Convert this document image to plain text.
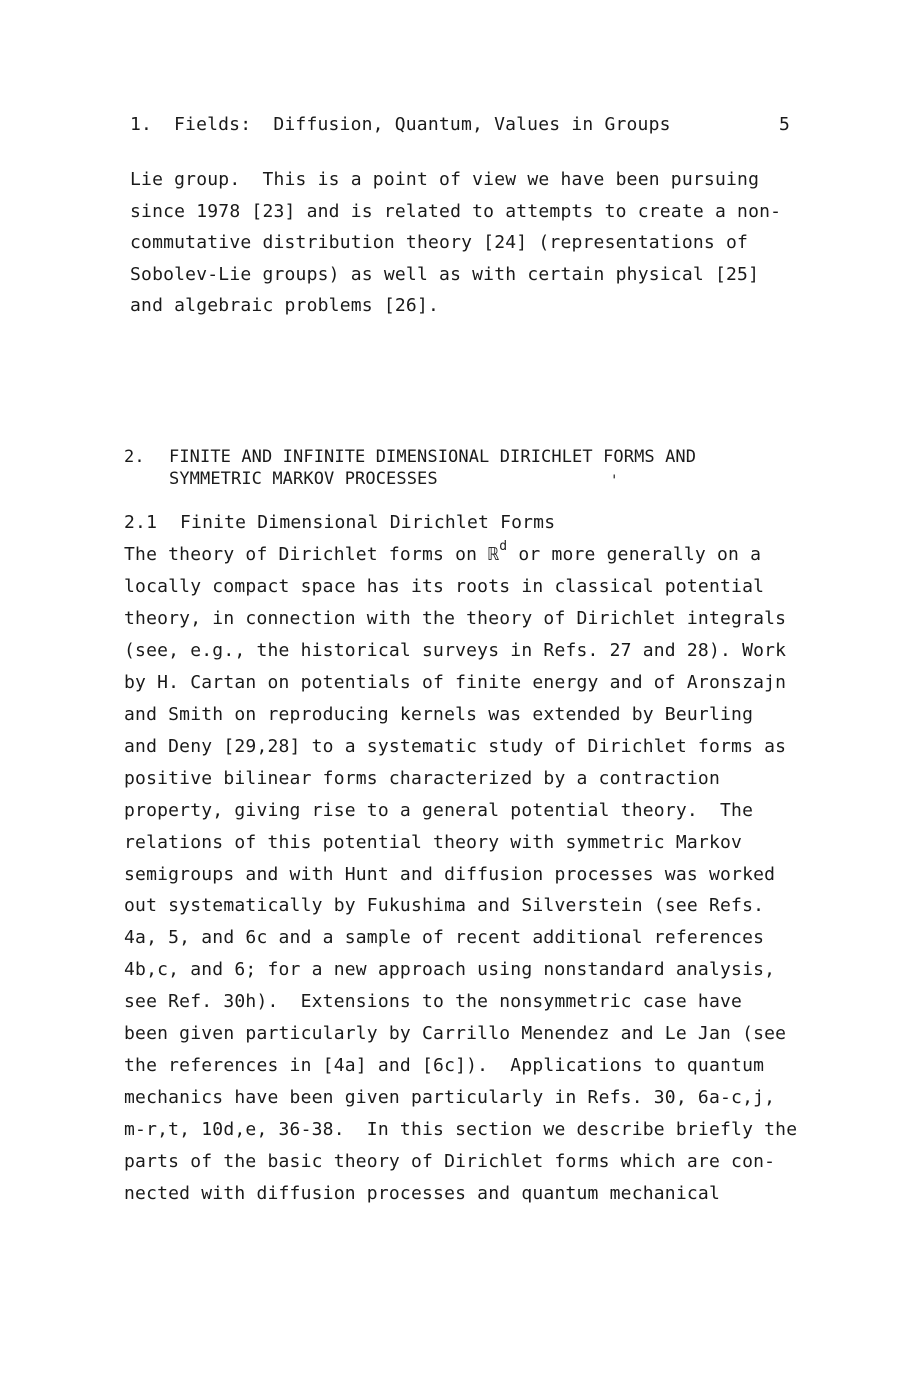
1. Fields:  Diffusion, Quantum, Values in Groups	5
Lie group.  This is a point of view we have been pursuing
since 1978 [23] and is related to attempts to create a non-
commutative distribution theory [24] (representations of
Sobolev-Lie groups) as well as with certain physical [25]
and algebraic problems [26].
2. FINITE AND INFINITE DIMENSIONAL DIRICHLET FORMS AND
SYMMETRIC MARKOV PROCESSES	'
2.1 Finite Dimensional Dirichlet Forms
The theory of Dirichlet forms on ℝ$^d$ or more generally on a
locally compact space has its roots in classical potential
theory, in connection with the theory of Dirichlet integrals
(see, e.g., the historical surveys in Refs. 27 and 28). Work
by H. Cartan on potentials of finite energy and of Aronszajn
and Smith on reproducing kernels was extended by Beurling
and Deny [29,28] to a systematic study of Dirichlet forms as
positive bilinear forms characterized by a contraction
property, giving rise to a general potential theory.  The
relations of this potential theory with symmetric Markov
semigroups and with Hunt and diffusion processes was worked
out systematically by Fukushima and Silverstein (see Refs.
4a, 5, and 6c and a sample of recent additional references
4b,c, and 6; for a new approach using nonstandard analysis,
see Ref. 30h).  Extensions to the nonsymmetric case have
been given particularly by Carrillo Menendez and Le Jan (see
the references in [4a] and [6c]).  Applications to quantum
mechanics have been given particularly in Refs. 30, 6a-c,j,
m-r,t, 10d,e, 36-38.  In this section we describe briefly the
parts of the basic theory of Dirichlet forms which are con-
nected with diffusion processes and quantum mechanical
